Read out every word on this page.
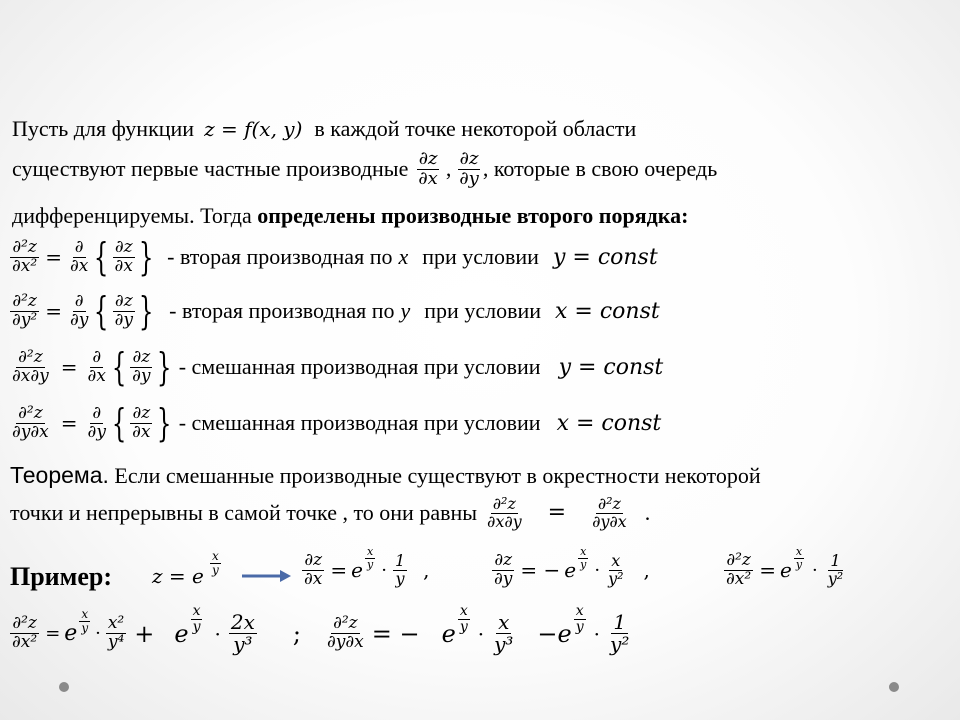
Пусть для функции z = f(x, y) в каждой точке некоторой области
существуют первые частные производные ∂z
∂x , ∂z
∂y , которые в свою очередь
дифференцируемы. Тогда определены производные второго порядка:
$\frac{\text{∂²z}}{\text{∂x²}}$ = ∂
∂x { ∂z
∂x } - вторая производная по x при условии y = const
$\frac{\text{∂²z}}{\text{∂y²}}$ = ∂
∂y { ∂z
∂y } - вторая производная по y при условии x = const
$\frac{\text{∂²z}}{\partial x\partial y}$ = ∂
∂x { ∂z
∂y } - смешанная производная при условии y = const
$\frac{\text{∂²z}}{\partial y\partial x}$ = ∂
∂y { ∂z
∂x } - смешанная производная при условии x = const
Теорема. Если смешанные производные существуют в окрестности некоторой
точки и непрерывны в самой точке , то они равны $\frac{\text{∂²z}}{\partial x\partial y} = \frac{\text{∂²z}}{\partial y\partial x}$ .
Пример: z = e
x
y	$\frac{\partial z}{\partial x} = e$
x
y · 1
y ,	$\frac{\partial z}{\partial y}$ = − e
x
y · x
y² ,	$\frac{\text{∂²z}}{\text{∂x²}} = e$
x
y · 1
y²
$\frac{\text{∂²z}}{\text{∂x²}} = e$
x
y · x²
y⁴ + e
x
y · 2x
y³ ; $\frac{\text{∂²z}}{\partial y\partial x}$ = − e
x
y · x
y³ − e
x
y · 1
y²
